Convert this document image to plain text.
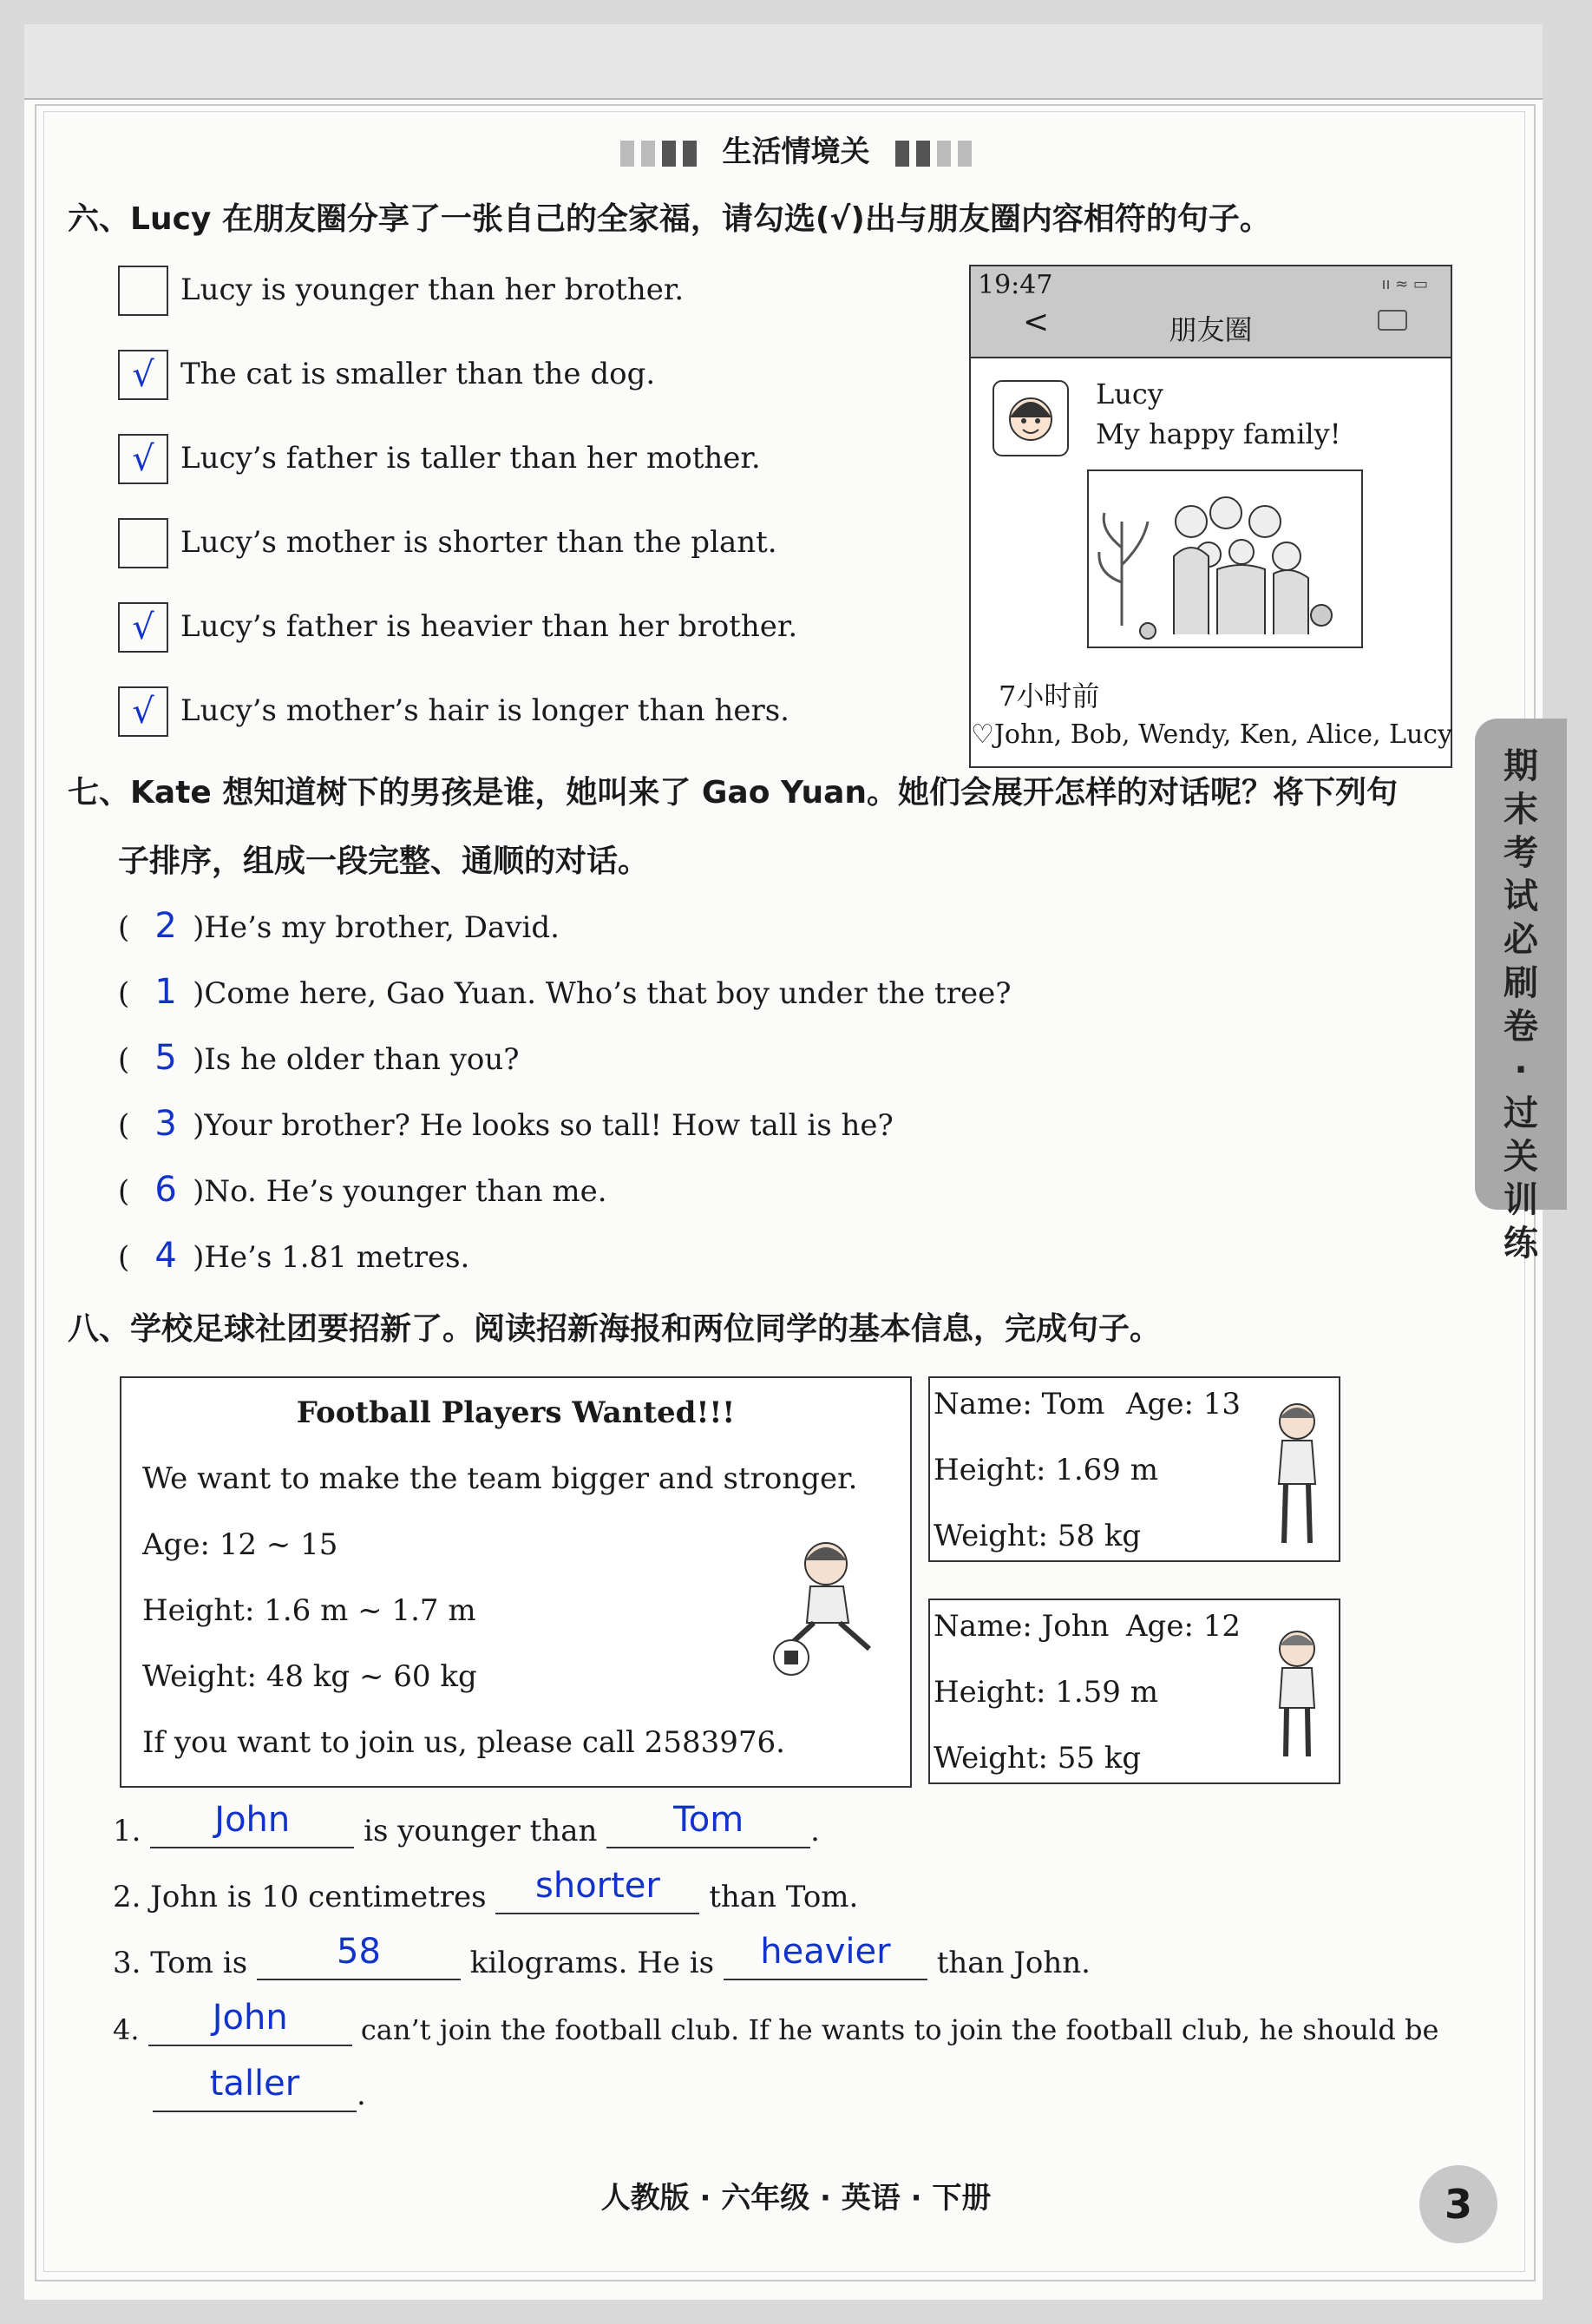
生活情境关
六、Lucy 在朋友圈分享了一张自己的全家福，请勾选(√)出与朋友圈内容相符的句子。
Lucy is younger than her brother.
√ The cat is smaller than the dog.
√ Lucy’s father is taller than her mother.
Lucy’s mother is shorter than the plant.
√ Lucy’s father is heavier than her brother.
√ Lucy’s mother’s hair is longer than hers.
19:47	ıı ≈ ▭
<	朋友圈
Lucy
My happy family!
7小时前
♡John, Bob, Wendy, Ken, Alice, Lucy
七、Kate 想知道树下的男孩是谁，她叫来了 Gao Yuan。她们会展开怎样的对话呢？将下列句
子排序，组成一段完整、通顺的对话。
( 2 )He’s my brother, David.
( 1 )Come here, Gao Yuan. Who’s that boy under the tree?
( 5 )Is he older than you?
( 3 )Your brother? He looks so tall! How tall is he?
( 6 )No. He’s younger than me.
( 4 )He’s 1.81 metres.
八、学校足球社团要招新了。阅读招新海报和两位同学的基本信息，完成句子。
Football Players Wanted!!!
We want to make the team bigger and stronger.
Age: 12 ~ 15
Height: 1.6 m ~ 1.7 m
Weight: 48 kg ~ 60 kg
If you want to join us, please call 2583976.
Name: Tom Age: 13
Height: 1.69 m
Weight: 58 kg
Name: John Age: 12
Height: 1.59 m
Weight: 55 kg
1.	John	is younger than	Tom	.
2. John is 10 centimetres	shorter	than Tom.
3. Tom is	58	kilograms. He is	heavier	than John.
4.	John	can’t join the football club. If he wants to join the football club, he should be
taller	.
期末考试必刷卷·过关训练
人教版 · 六年级 · 英语 · 下册	3
